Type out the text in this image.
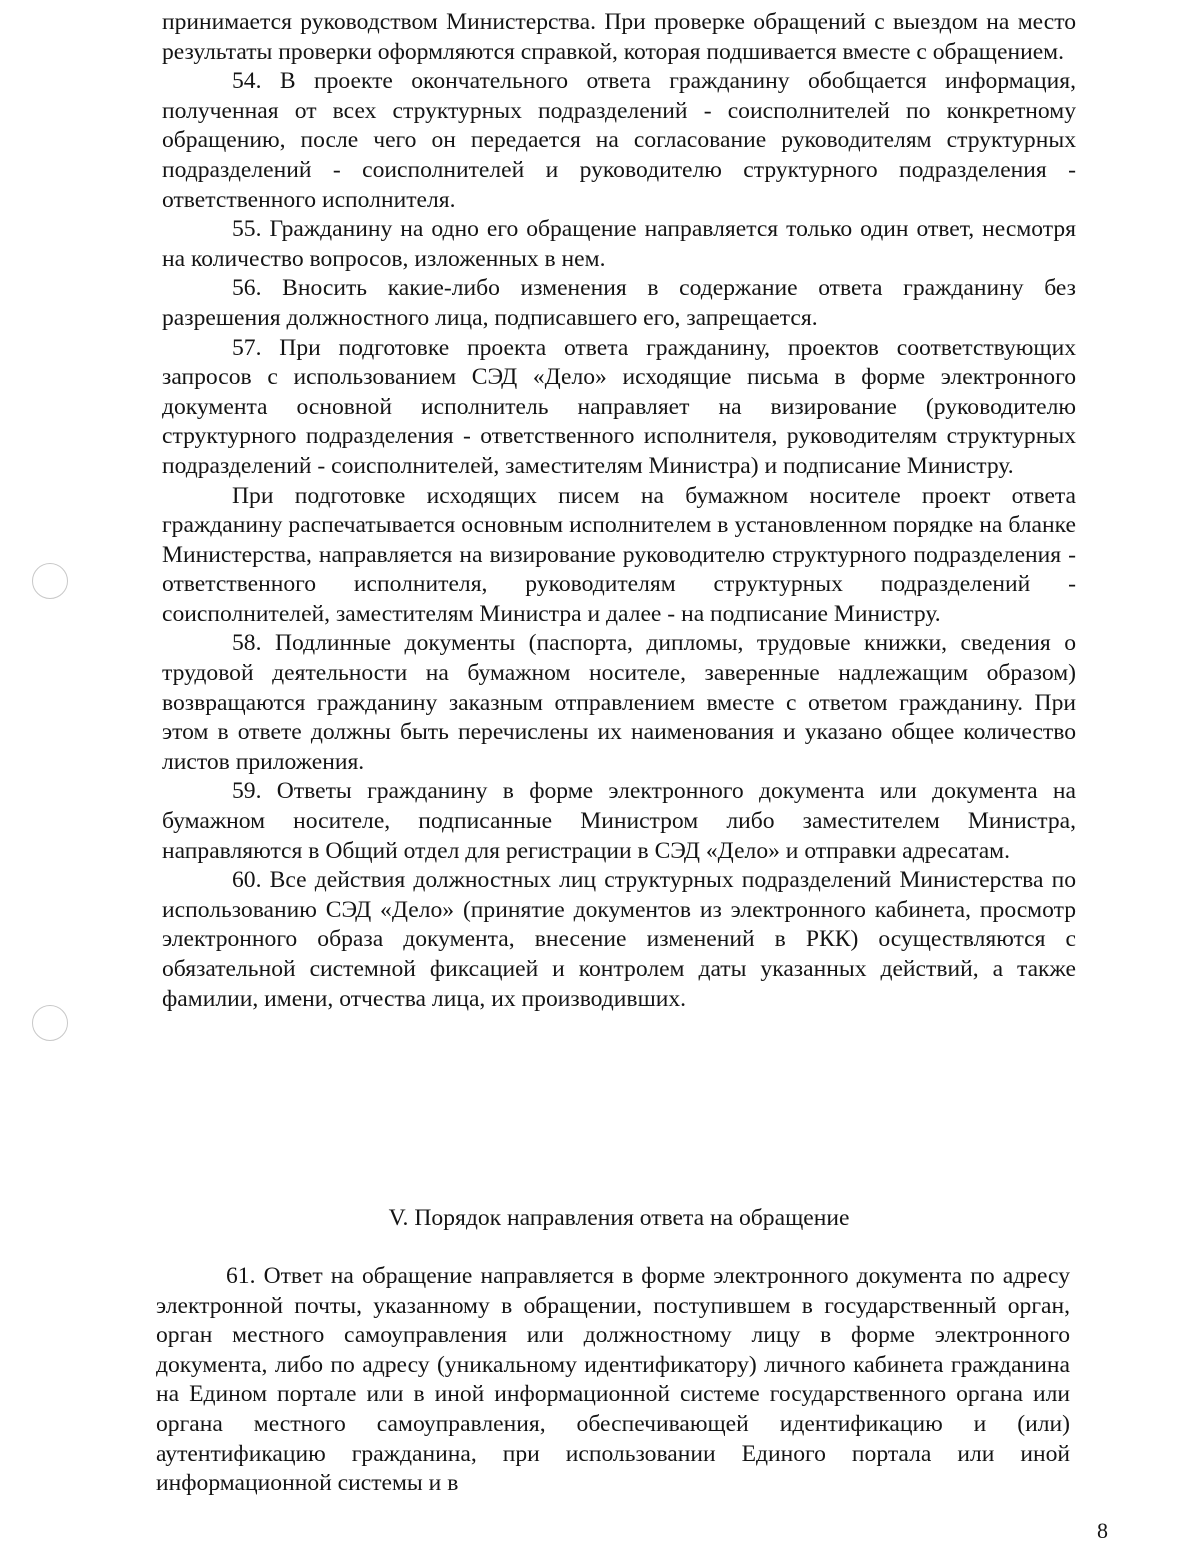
принимается руководством Министерства. При проверке обращений с выездом на место результаты проверки оформляются справкой, которая подшивается вместе с обращением.

54. В проекте окончательного ответа гражданину обобщается информация, полученная от всех структурных подразделений - соисполнителей по конкретному обращению, после чего он передается на согласование руководителям структурных подразделений - соисполнителей и руководителю структурного подразделения - ответственного исполнителя.

55. Гражданину на одно его обращение направляется только один ответ, несмотря на количество вопросов, изложенных в нем.

56. Вносить какие-либо изменения в содержание ответа гражданину без разрешения должностного лица, подписавшего его, запрещается.

57. При подготовке проекта ответа гражданину, проектов соответствующих запросов с использованием СЭД «Дело» исходящие письма в форме электронного документа основной исполнитель направляет на визирование (руководителю структурного подразделения - ответственного исполнителя, руководителям структурных подразделений - соисполнителей, заместителям Министра) и подписание Министру.

При подготовке исходящих писем на бумажном носителе проект ответа гражданину распечатывается основным исполнителем в установленном порядке на бланке Министерства, направляется на визирование руководителю структурного подразделения - ответственного исполнителя, руководителям структурных подразделений - соисполнителей, заместителям Министра и далее - на подписание Министру.

58. Подлинные документы (паспорта, дипломы, трудовые книжки, сведения о трудовой деятельности на бумажном носителе, заверенные надлежащим образом) возвращаются гражданину заказным отправлением вместе с ответом гражданину. При этом в ответе должны быть перечислены их наименования и указано общее количество листов приложения.

59. Ответы гражданину в форме электронного документа или документа на бумажном носителе, подписанные Министром либо заместителем Министра, направляются в Общий отдел для регистрации в СЭД «Дело» и отправки адресатам.

60. Все действия должностных лиц структурных подразделений Министерства по использованию СЭД «Дело» (принятие документов из электронного кабинета, просмотр электронного образа документа, внесение изменений в РКК) осуществляются с обязательной системной фиксацией и контролем даты указанных действий, а также фамилии, имени, отчества лица, их производивших.

V. Порядок направления ответа на обращение

61. Ответ на обращение направляется в форме электронного документа по адресу электронной почты, указанному в обращении, поступившем в государственный орган, орган местного самоуправления или должностному лицу в форме электронного документа, либо по адресу (уникальному идентификатору) личного кабинета гражданина на Едином портале или в иной информационной системе государственного органа или органа местного самоуправления, обеспечивающей идентификацию и (или) аутентификацию гражданина, при использовании Единого портала или иной информационной системы и в

8
